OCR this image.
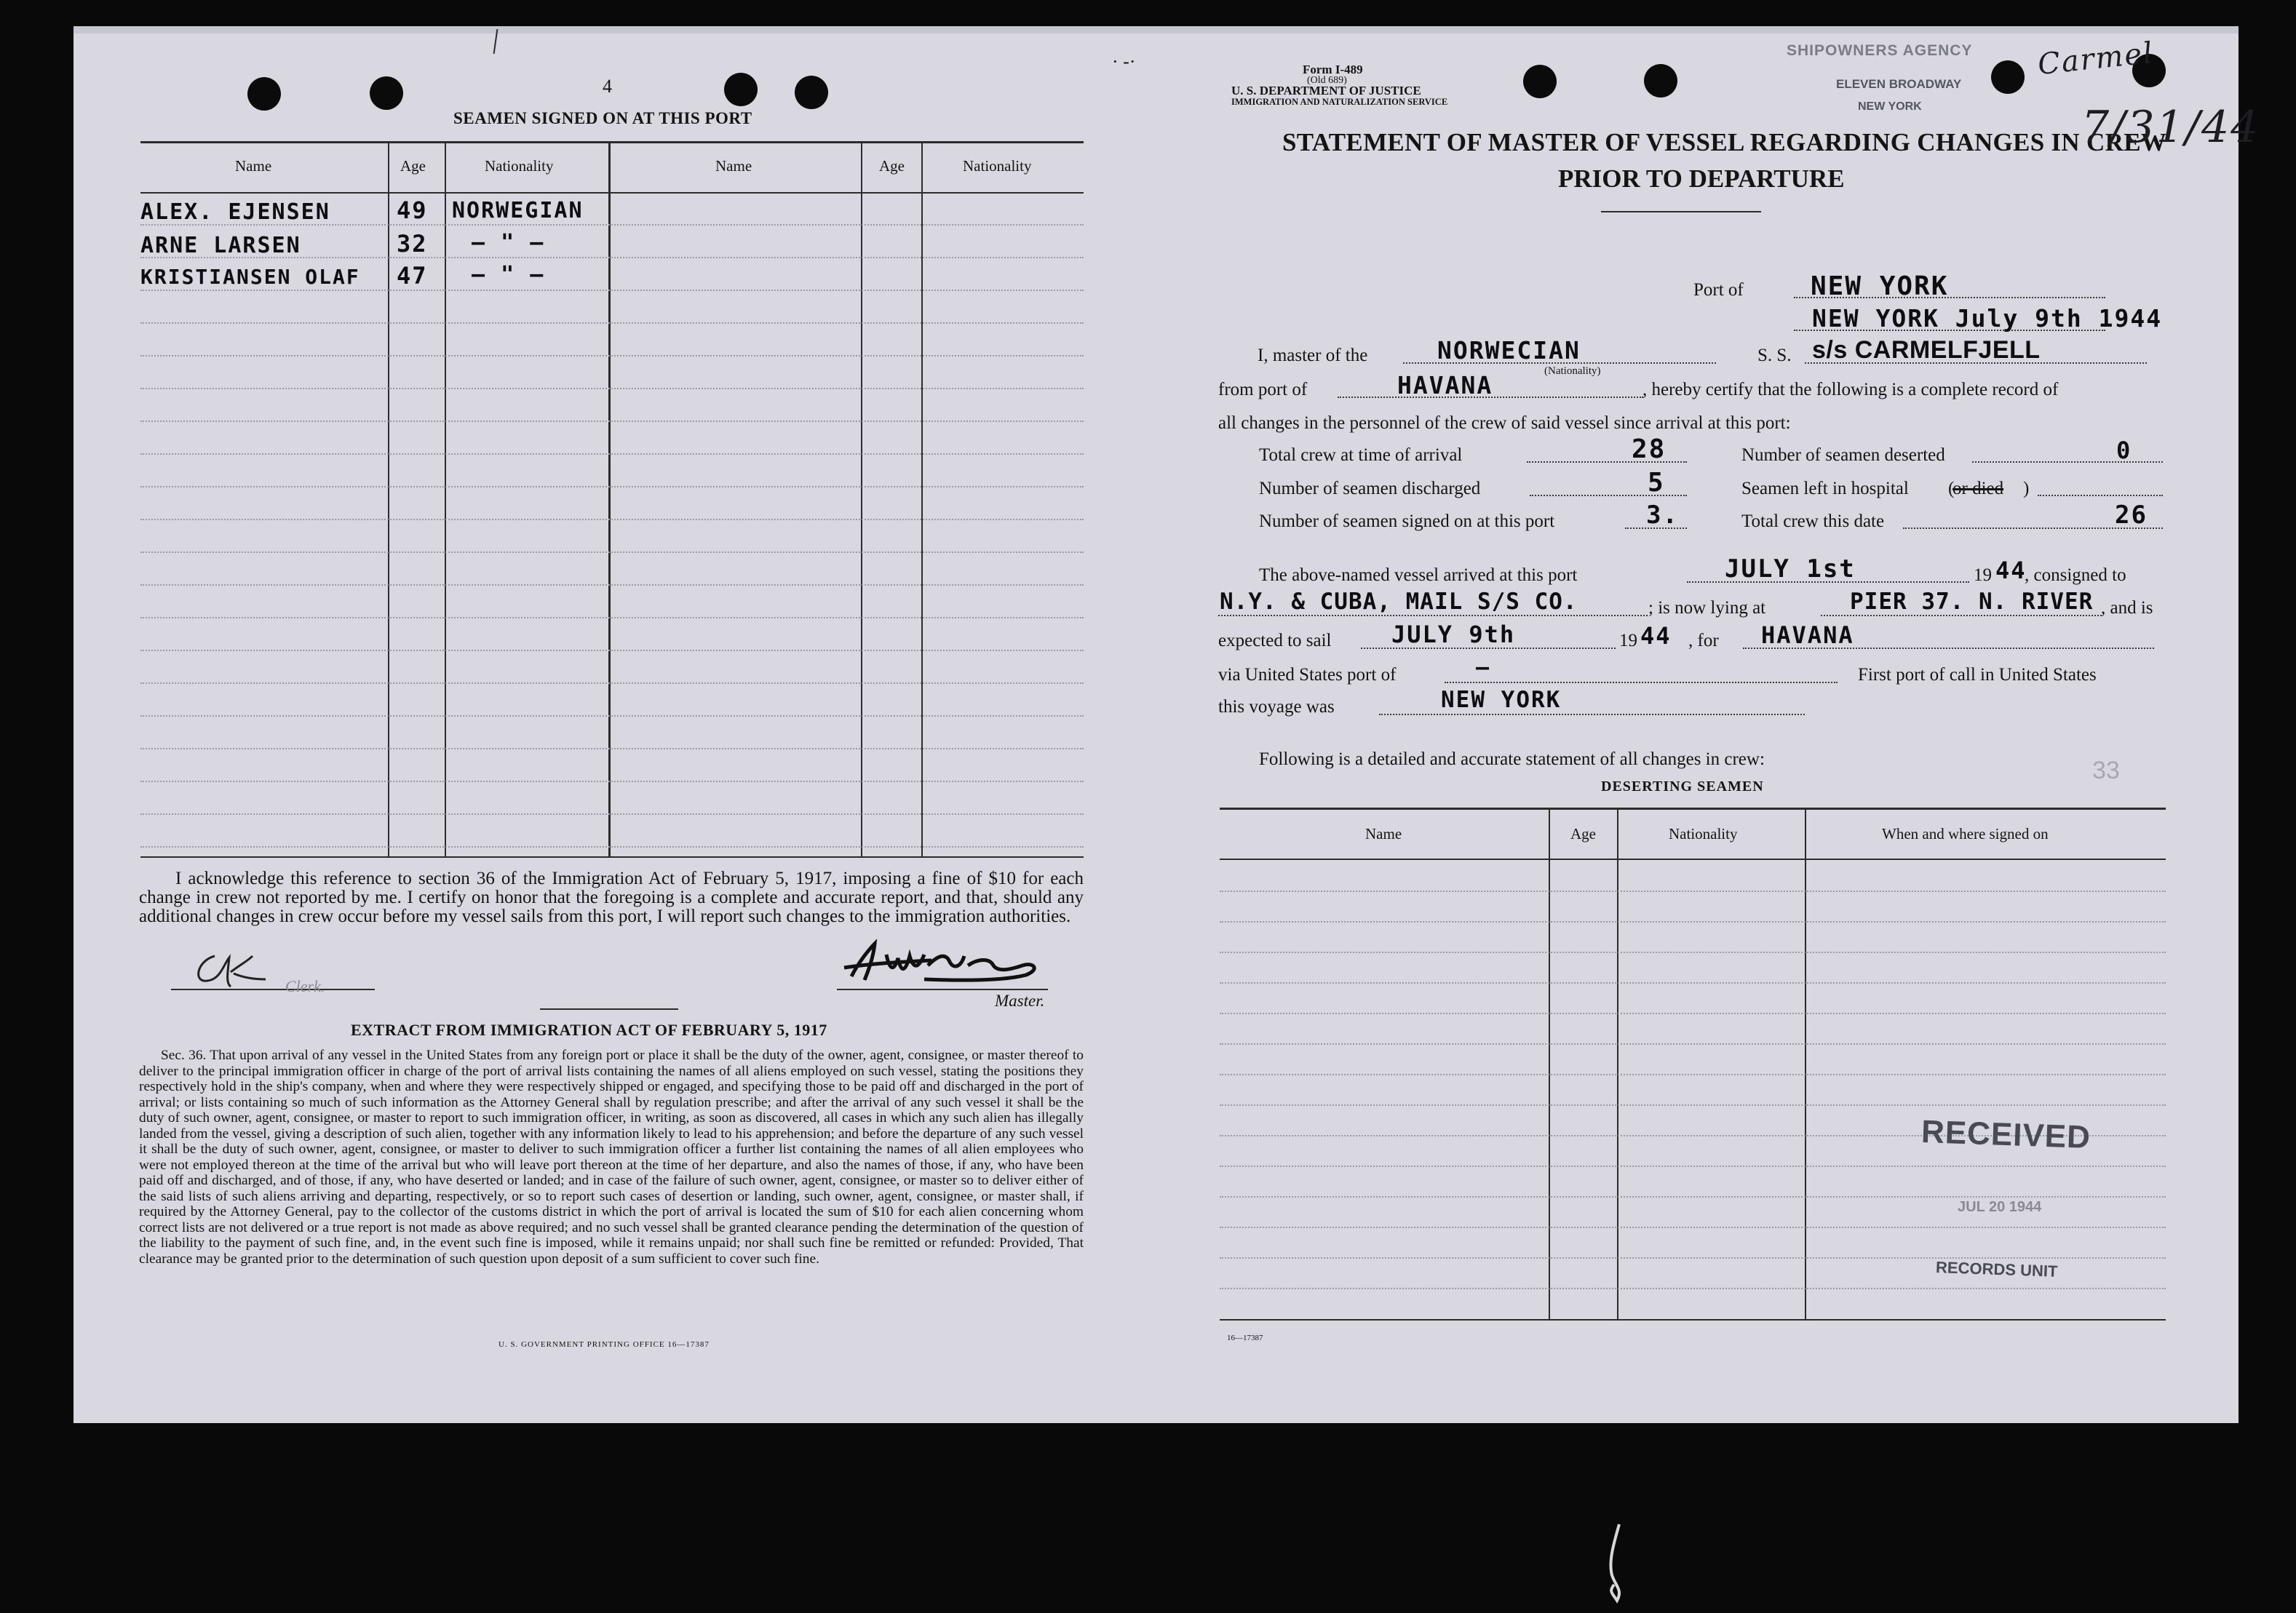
4
SEAMEN SIGNED ON AT THIS PORT
Name	Age	Nationality	Name	Age	Nationality
ALEX. EJENSEN	49 NORWEGIAN
ARNE LARSEN	32 — " —
KRISTIANSEN OLAF 47 — " —
I acknowledge this reference to section 36 of the Immigration Act of February 5, 1917, imposing a fine of $10 for each change in crew not reported by me. I certify on honor that the foregoing is a complete and accurate report, and that, should any additional changes in crew occur before my vessel sails from this port, I will report such changes to the immigration authorities.
Clerk.
Master.
EXTRACT FROM IMMIGRATION ACT OF FEBRUARY 5, 1917

Sec. 36. That upon arrival of any vessel in the United States from any foreign port or place it shall be the duty of the owner, agent, consignee, or master thereof to deliver to the principal immigration officer in charge of the port of arrival lists containing the names of all aliens employed on such vessel, stating the positions they respectively hold in the ship's company, when and where they were respectively shipped or engaged, and specifying those to be paid off and discharged in the port of arrival; or lists containing so much of such information as the Attorney General shall by regulation prescribe; and after the arrival of any such vessel it shall be the duty of such owner, agent, consignee, or master to report to such immigration officer, in writing, as soon as discovered, all cases in which any such alien has illegally landed from the vessel, giving a description of such alien, together with any information likely to lead to his apprehension; and before the departure of any such vessel it shall be the duty of such owner, agent, consignee, or master to deliver to such immigration officer a further list containing the names of all alien employees who were not employed thereon at the time of the arrival but who will leave port thereon at the time of her departure, and also the names of those, if any, who have been paid off and discharged, and of those, if any, who have deserted or landed; and in case of the failure of such owner, agent, consignee, or master so to deliver either of the said lists of such aliens arriving and departing, respectively, or so to report such cases of desertion or landing, such owner, agent, consignee, or master shall, if required by the Attorney General, pay to the collector of the customs district in which the port of arrival is located the sum of $10 for each alien concerning whom correct lists are not delivered or a true report is not made as above required; and no such vessel shall be granted clearance pending the determination of the question of the liability to the payment of such fine, and, in the event such fine is imposed, while it remains unpaid; nor shall such fine be remitted or refunded: Provided, That clearance may be granted prior to the determination of such question upon deposit of a sum sufficient to cover such fine.

U. S. GOVERNMENT PRINTING OFFICE 16—17387
Form I-489
(Old 689)
U. S. DEPARTMENT OF JUSTICE
IMMIGRATION AND NATURALIZATION SERVICE
STATEMENT OF MASTER OF VESSEL REGARDING CHANGES IN CREW
PRIOR TO DEPARTURE
Port of	NEW YORK
NEW YORK July 9th 1944
I, master of the	NORWECIAN
(Nationality)
S. S. s/s CARMELFJELL
from port of	HAVANA	, hereby certify that the following is a complete record of
all changes in the personnel of the crew of said vessel since arrival at this port:
Total crew at time of arrival	28
Number of seamen discharged	5
Number of seamen signed on at this port	3.
Number of seamen deserted	0
Seamen left in hospital or died
(	)
Total crew this date	26
The above-named vessel arrived at this port	JULY 1st	19 44
, consigned to
N.Y. & CUBA, MAIL S/S CO.	; is now lying at	PIER 37. N. RIVER , and is
expected to sail	JULY 9th	19 44 , for HAVANA
via United States port of	—	First port of call in United States
this voyage was	NEW YORK
Following is a detailed and accurate statement of all changes in crew:
DESERTING SEAMEN
Name	Age	Nationality	When and where signed on
16—17387
SHIPOWNERS AGENCY
ELEVEN BROADWAY
NEW YORK
Carmel
7/31/44
33
RECEIVED
JUL 20 1944
RECORDS UNIT
· -·
